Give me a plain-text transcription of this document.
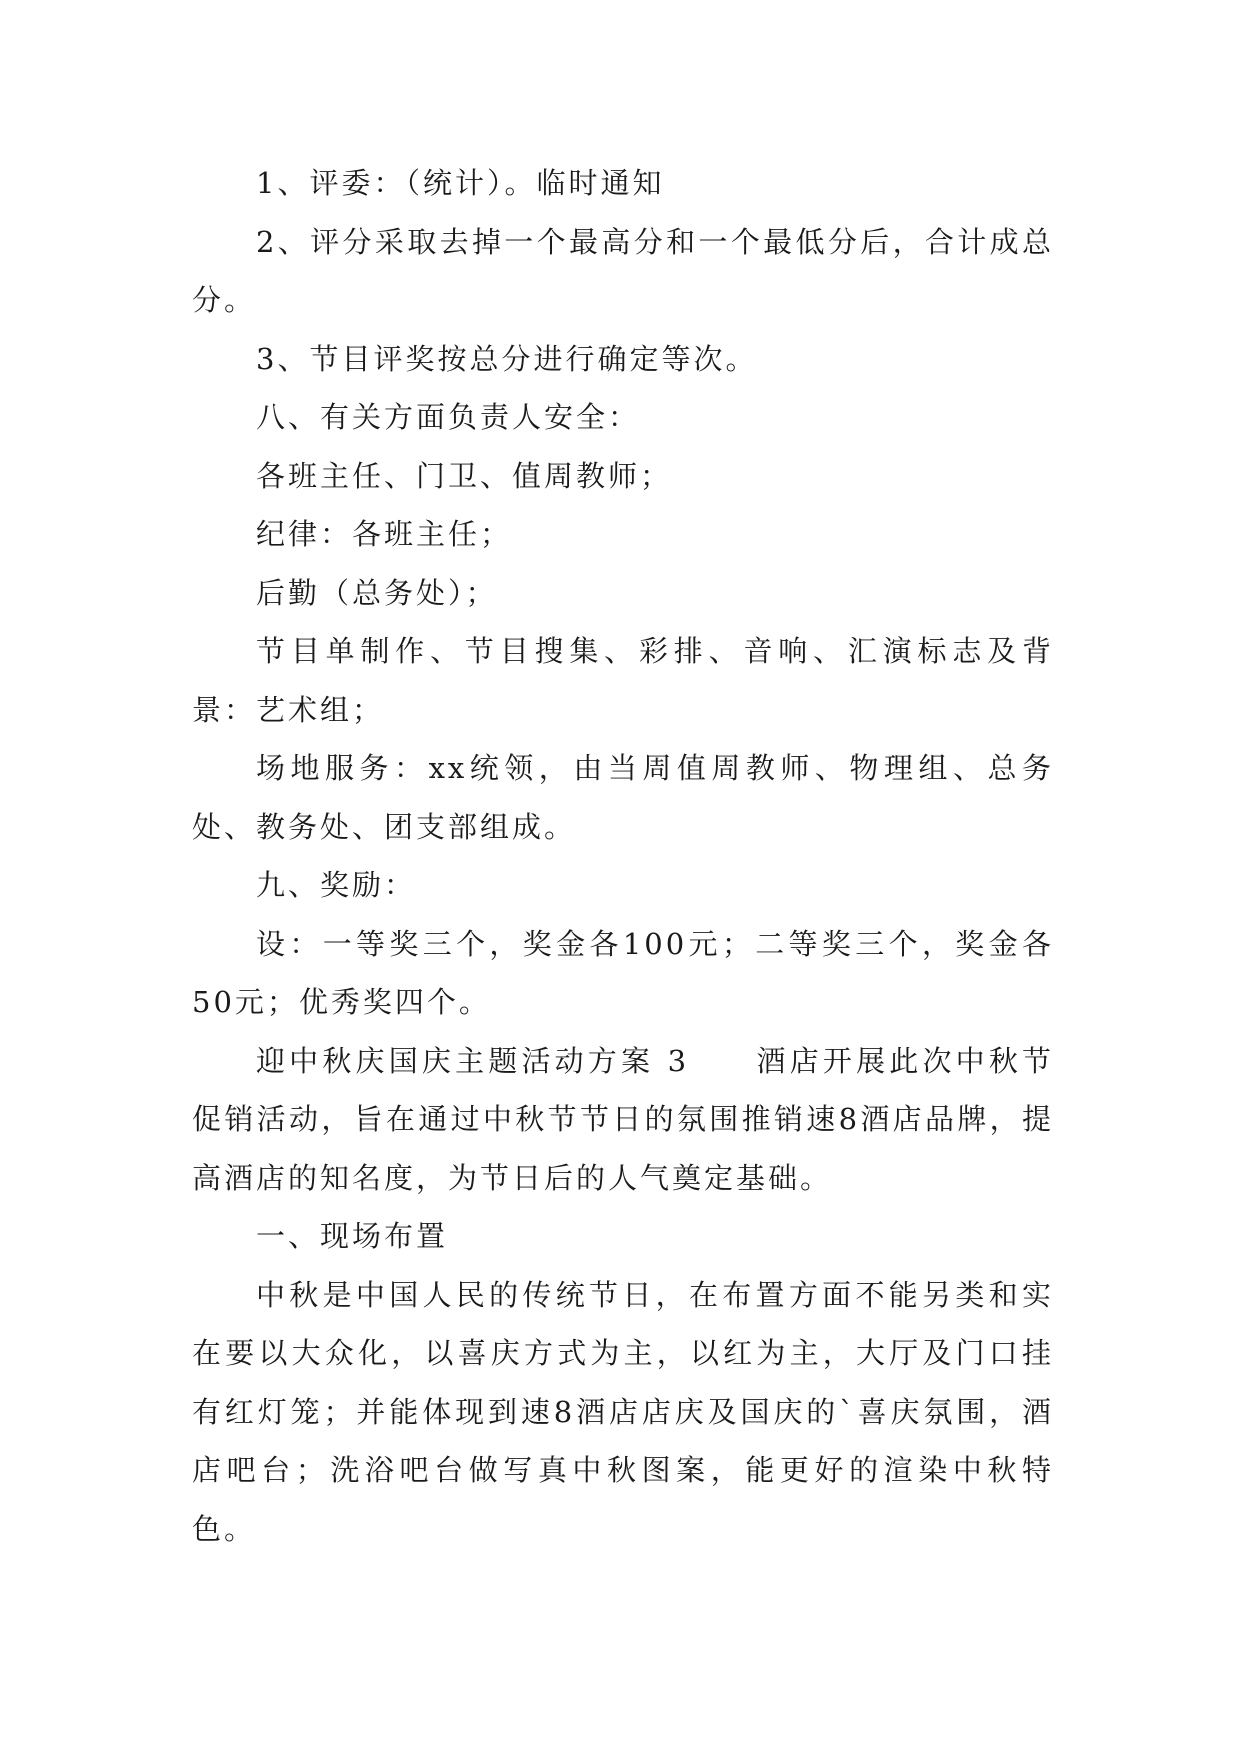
1、评委：（统计）。临时通知

2、评分采取去掉一个最高分和一个最低分后，合计成总分。

3、节目评奖按总分进行确定等次。

八、有关方面负责人安全：

各班主任、门卫、值周教师；

纪律：各班主任；

后勤（总务处）；

节目单制作、节目搜集、彩排、音响、汇演标志及背景：艺术组；

场地服务：xx统领，由当周值周教师、物理组、总务处、教务处、团支部组成。

九、奖励：

设：一等奖三个，奖金各100元；二等奖三个，奖金各50元；优秀奖四个。

迎中秋庆国庆主题活动方案 3　　酒店开展此次中秋节促销活动，旨在通过中秋节节日的氛围推销速8酒店品牌，提高酒店的知名度，为节日后的人气奠定基础。

一、现场布置

中秋是中国人民的传统节日，在布置方面不能另类和实在要以大众化，以喜庆方式为主，以红为主，大厅及门口挂有红灯笼；并能体现到速8酒店店庆及国庆的`喜庆氛围，酒店吧台；洗浴吧台做写真中秋图案，能更好的渲染中秋特色。
